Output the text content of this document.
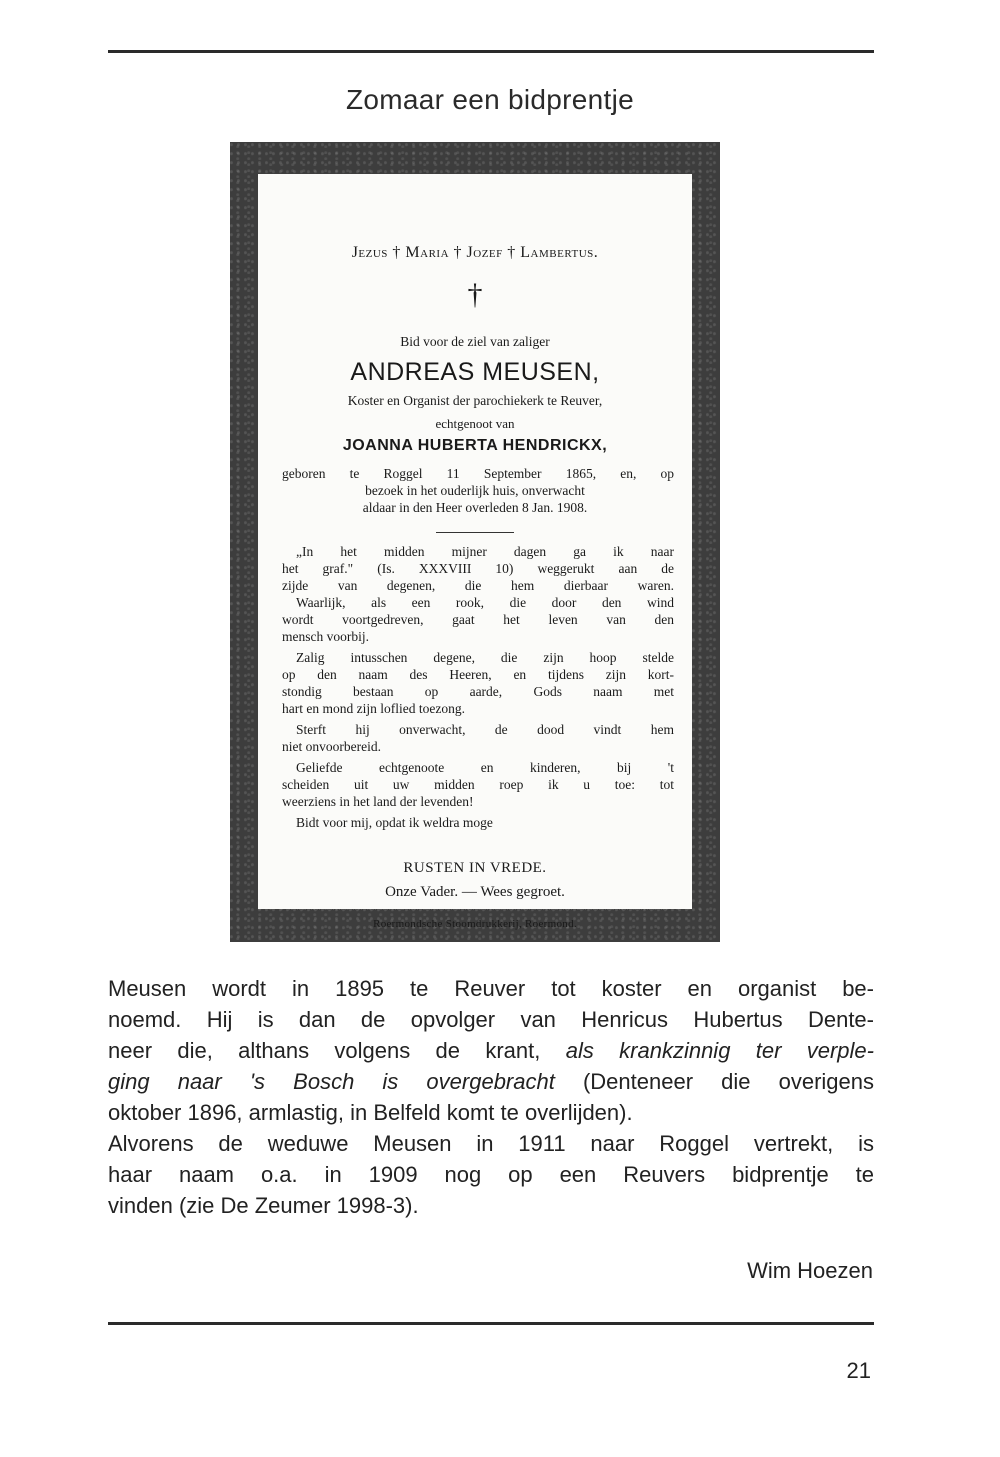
Zomaar een bidprentje
Jezus † Maria † Jozef † Lambertus.
†
Bid voor de ziel van zaliger
ANDREAS MEUSEN,
Koster en Organist der parochiekerk te Reuver,
echtgenoot van
JOANNA HUBERTA HENDRICKX,
geboren te Roggel 11 September 1865, en, op
bezoek in het ouderlijk huis, onverwacht
aldaar in den Heer overleden 8 Jan. 1908.
„In het midden mijner dagen ga ik naar
het graf." (Is. XXXVIII 10) weggerukt aan de
zijde van degenen, die hem dierbaar waren.
Waarlijk, als een rook, die door den wind
wordt voortgedreven, gaat het leven van den
mensch voorbij.
Zalig intusschen degene, die zijn hoop stelde
op den naam des Heeren, en tijdens zijn kort-
stondig bestaan op aarde, Gods naam met
hart en mond zijn loflied toezong.
Sterft hij onverwacht, de dood vindt hem
niet onvoorbereid.
Geliefde echtgenoote en kinderen, bij 't
scheiden uit uw midden roep ik u toe: tot
weerziens in het land der levenden!
Bidt voor mij, opdat ik weldra moge
RUSTEN IN VREDE.
Onze Vader. — Wees gegroet.
Roermondsche Stoomdrukkerij, Roermond.
Meusen wordt in 1895 te Reuver tot koster en organist be-
noemd. Hij is dan de opvolger van Henricus Hubertus Dente-
neer die, althans volgens de krant, als krankzinnig ter verple-
ging naar 's Bosch is overgebracht (Denteneer die overigens
oktober 1896, armlastig, in Belfeld komt te overlijden).
Alvorens de weduwe Meusen in 1911 naar Roggel vertrekt, is
haar naam o.a. in 1909 nog op een Reuvers bidprentje te
vinden (zie De Zeumer 1998-3).
Wim Hoezen
21
